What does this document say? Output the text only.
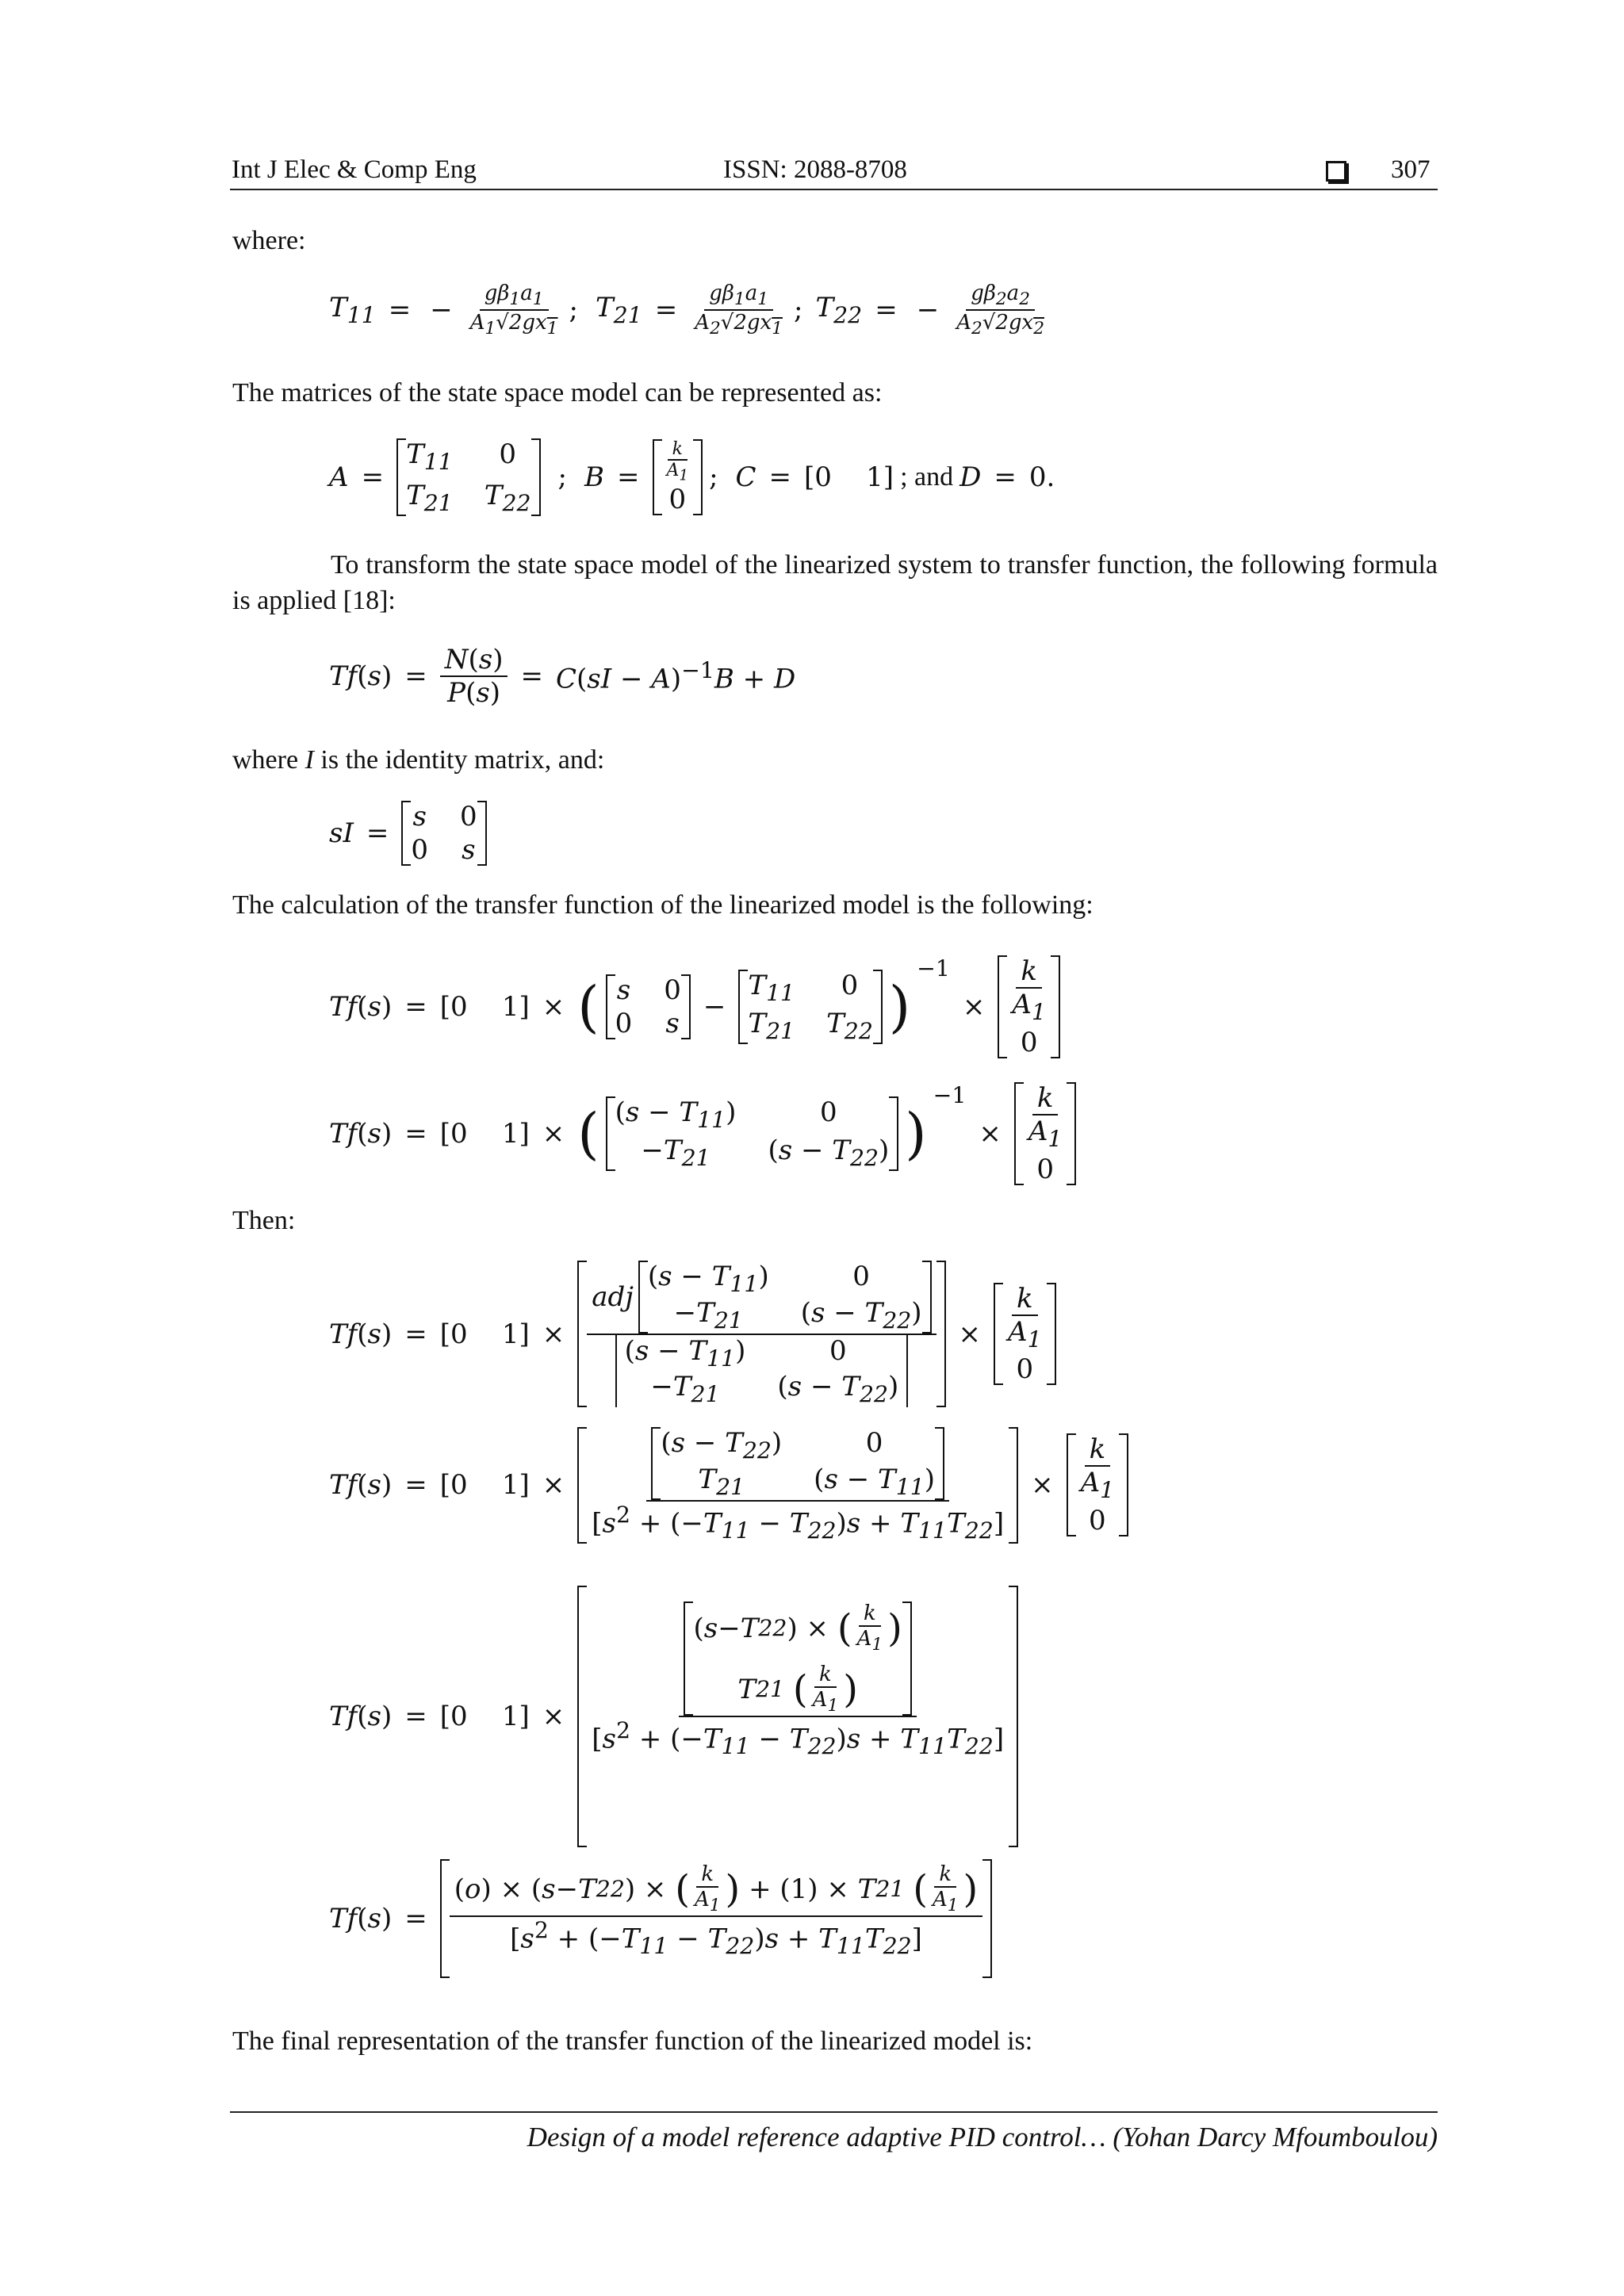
Int J Elec & Comp Eng	ISSN: 2088-8708	307
where:
$T_{11}$ = − $\frac{g\beta_1a_1}{A_1√2gx_1}$ ; $T_{21} = \frac{g\beta_1a_1}{A_2√2gx_1}$ ; $T_{22}$ = − $\frac{g\beta_2a_2}{A_2√2gx_2}$
The matrices of the state space model can be represented as:
A =
$T_{11}$ 0
$T_{21}$ $T_{22}$
; B =	$\frac{k}{A_1}$
0
; C = [0    1] ; and D = 0.
To transform the state space model of the linearized system to transfer function, the following formula is applied [18]:
$Tf(s) = \frac{N(s)}{P(s)} = C(sI - A)^{-1}B + D$
where I is the identity matrix, and:
sI =
s 0
0 s
The calculation of the transfer function of the linearized model is the following:
Tf(s) = [0    1] × ( s 0
0 s
−
$T_{11}$ 0
$T_{21}$ $T_{22}$ )
$^{-1}$
× $\frac{k}{A_1}$
0
Tf(s) = [0    1] × ( $(s - T_{11})$	0
$-T_{21}$ $(s - T_{22})$ )
$^{-1}$
× $\frac{k}{A_1}$
0
Then:
Tf(s) = [0    1] × adj
$(s - T_{11})$	0
$-T_{21}$ $(s - T_{22})$
$(s - T_{11})$	0
$-T_{21}$ $(s - T_{22}) \times \frac{k}{A_1}$
0
Tf(s) = [0    $1] \times (s - T_{22})$	0
$T_{21}$	$(s - T_{11})$
$[s^2 + (-T_{11} - T_{22})s + T_{11}T_{22}] \times \frac{k}{A_1}$
0
Tf(s) = [0    1] × ( s − T 22 )
×
( $\frac{k}{A_1}$ )
T 21
( $\frac{k}{A_1}$ )
$[s^2 + (-T_{11} - T_{22})s + T_{11}T_{22}]$
Tf(s) = ( o )
×
( s − T 22 )
×
( $\frac{k}{A_1}$ )
+ (1) × T 21
( $\frac{k}{A_1}$ )
$[s^2 + (-T_{11} - T_{22})s + T_{11}T_{22}]$
The final representation of the transfer function of the linearized model is:
Design of a model reference adaptive PID control… (Yohan Darcy Mfoumboulou)
